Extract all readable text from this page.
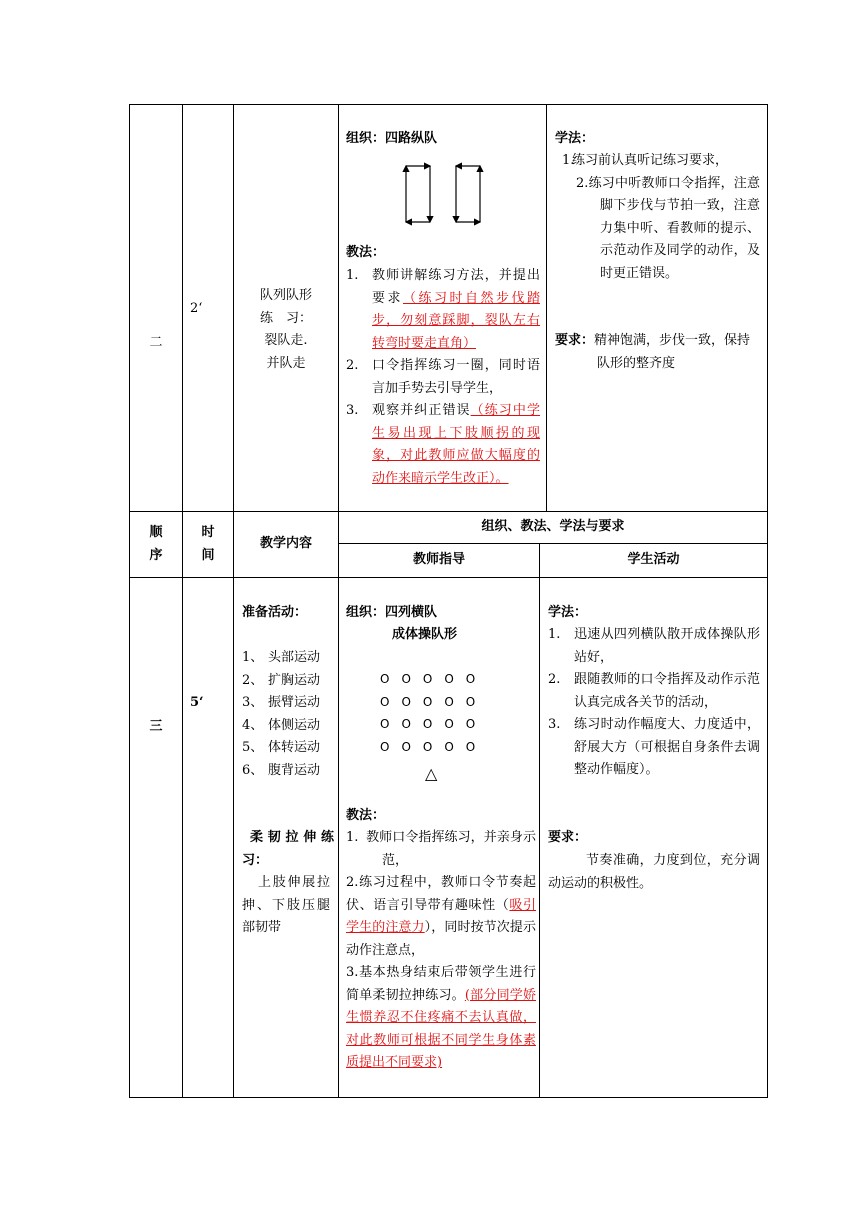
二
2‘
队列队形
练　习：
裂队走.
并队走
组织：四路纵队
教法：
1. 教师讲解练习方法，并提出要求（练习时自然步伐踏步，勿刻意踩脚，裂队左右转弯时要走直角）
2. 口令指挥练习一圈，同时语言加手势去引导学生，
3. 观察并纠正错误（练习中学生易出现上下肢顺拐的现象，对此教师应做大幅度的动作来暗示学生改正）。
学法：
1.
练习前认真听记练习要求，
2.练习中听教师口令指挥，注意脚下步伐与节拍一致，注意力集中听、看教师的提示、示范动作及同学的动作，及时更正错误。
要求：精神饱满，步伐一致，保持队形的整齐度
顺序
时间
教学内容
组织、教法、学法与要求
教师指导	学生活动
三
5‘
准备活动：
1、 头部运动
2、 扩胸运动
3、 振臂运动
4、 体侧运动
5、 体转运动
6、 腹背运动
柔韧拉伸练习：
上肢伸展拉抻、下肢压腿部韧带
组织：四列横队
成体操队形
O　O　O　O　O
O　O　O　O　O
O　O　O　O　O
O　O　O　O　O
△
教法：
1. 教师口令指挥练习，并亲身示范，
2.练习过程中，教师口令节奏起伏、语言引导带有趣味性（吸引学生的注意力），同时按节次提示动作注意点，
3.基本热身结束后带领学生进行简单柔韧拉抻练习。(部分同学娇生惯养忍不住疼痛不去认真做，对此教师可根据不同学生身体素质提出不同要求)
学法：
1. 迅速从四列横队散开成体操队形站好，
2. 跟随教师的口令指挥及动作示范认真完成各关节的活动，
3. 练习时动作幅度大、力度适中，舒展大方（可根据自身条件去调整动作幅度）。
要求：
节奏准确，力度到位，充分调动运动的积极性。
